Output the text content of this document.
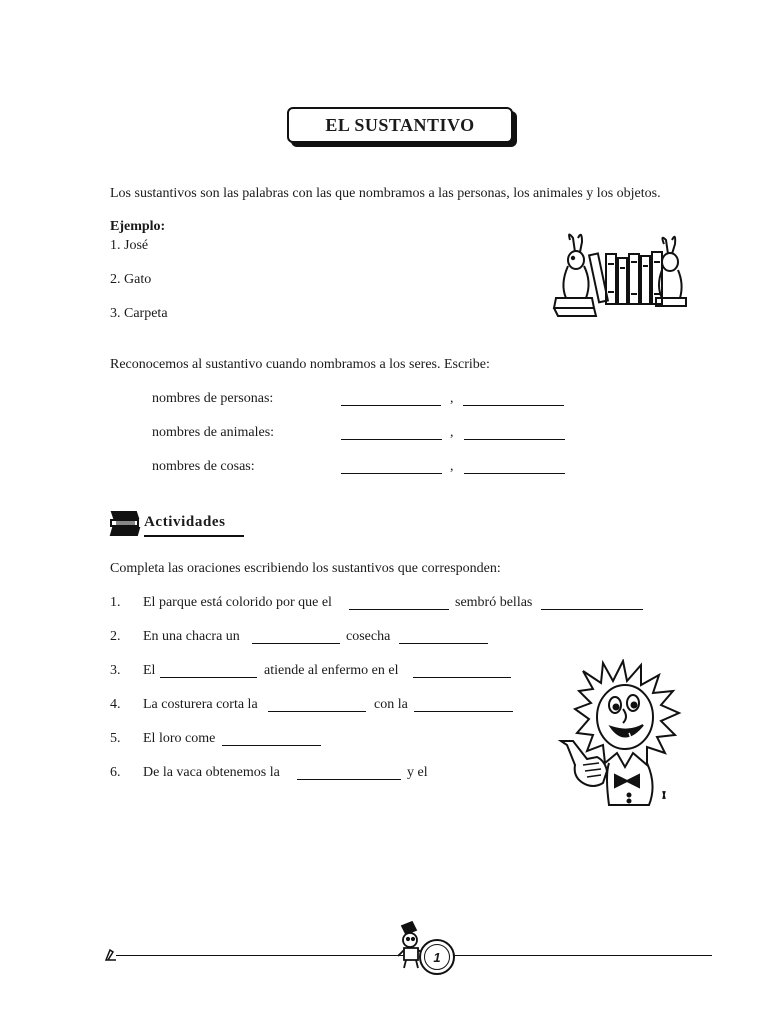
EL SUSTANTIVO
Los sustantivos son las palabras con las que nombramos a las personas, los animales y los objetos.
Ejemplo:
1. José
2. Gato
3. Carpeta
Reconocemos al sustantivo cuando nombramos a los seres. Escribe:
nombres de personas:	,
nombres de animales:	,
nombres de cosas:	,
Actividades
Completa las oraciones escribiendo los sustantivos que corresponden:
1. El parque está colorido por que el	sembró bellas
2. En una chacra un	cosecha
3. El	atiende al enfermo en el
4. La costurera corta la	con la
5. El loro come
6. De la vaca obtenemos la	y el
1
